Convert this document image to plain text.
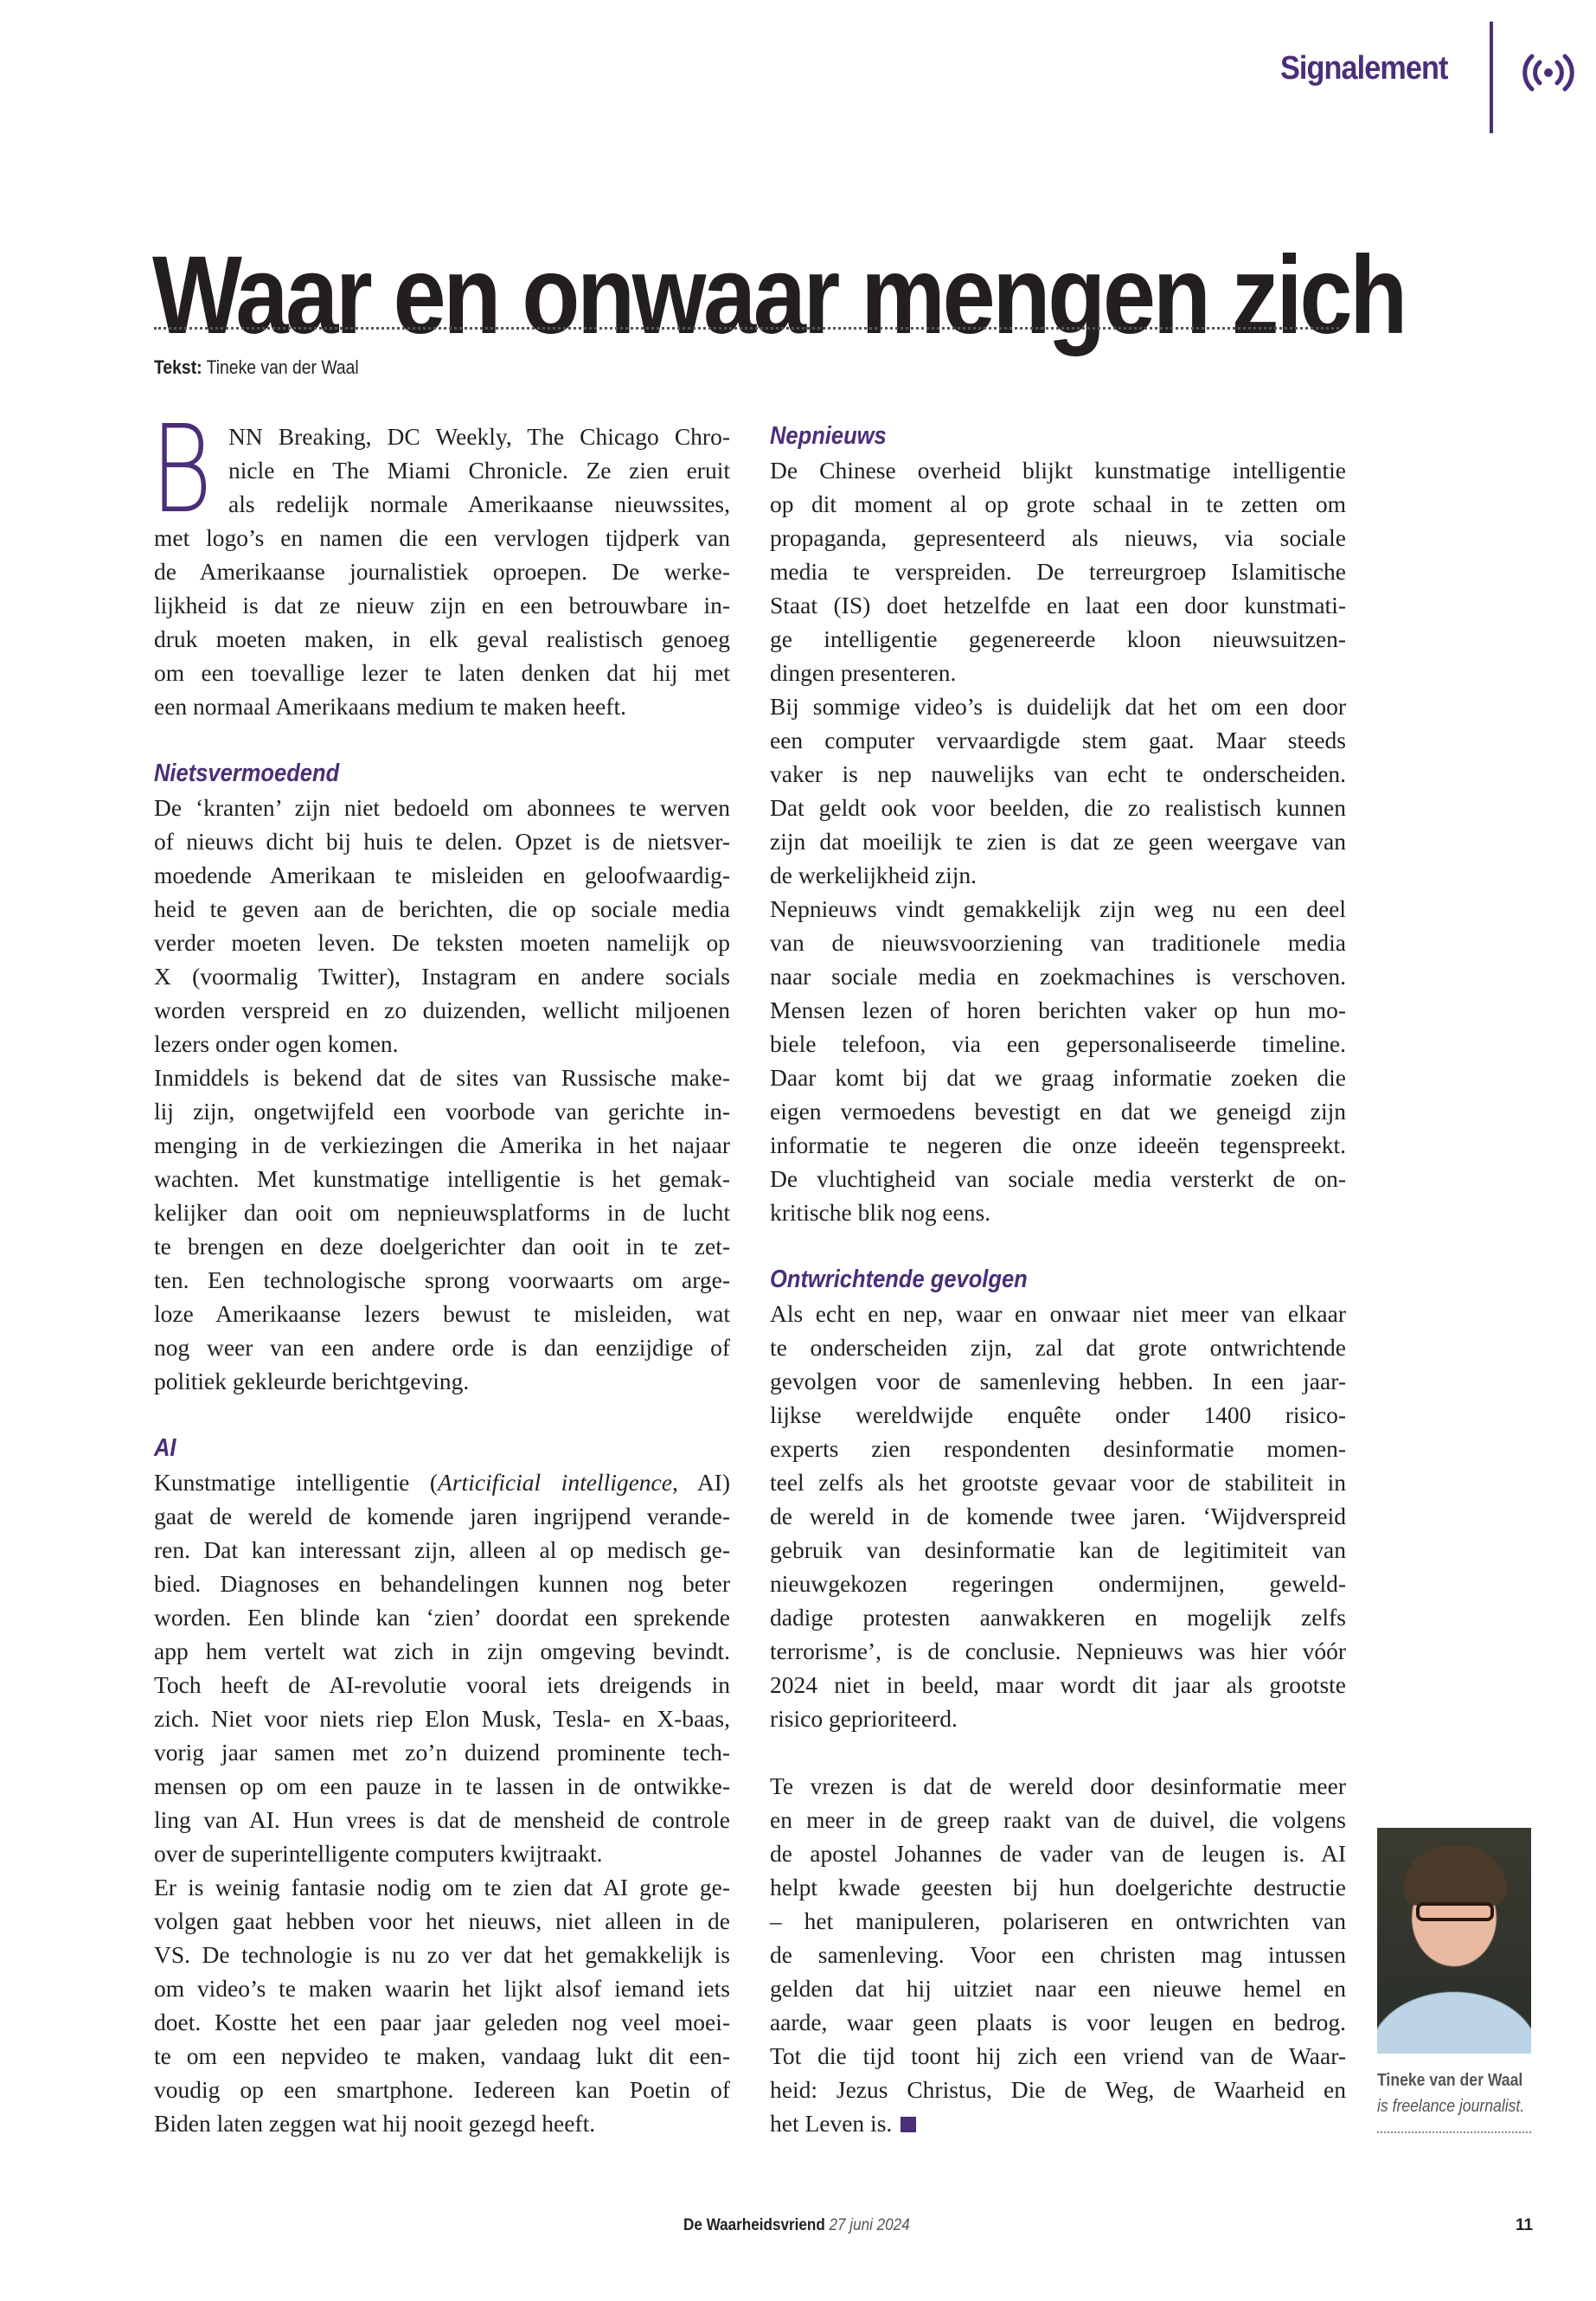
Signalement
Waar en onwaar mengen zich
Tekst: Tineke van der Waal
B NN Breaking, DC Weekly, The Chicago Chro-
nicle en The Miami Chronicle. Ze zien eruit
als redelijk normale Amerikaanse nieuwssites,
met logo’s en namen die een vervlogen tijdperk van
de Amerikaanse journalistiek oproepen. De werke-
lijkheid is dat ze nieuw zijn en een betrouwbare in-
druk moeten maken, in elk geval realistisch genoeg
om een toevallige lezer te laten denken dat hij met
een normaal Amerikaans medium te maken heeft.
Nietsvermoedend
De ‘kranten’ zijn niet bedoeld om abonnees te werven
of nieuws dicht bij huis te delen. Opzet is de nietsver-
moedende Amerikaan te misleiden en geloofwaardig-
heid te geven aan de berichten, die op sociale media
verder moeten leven. De teksten moeten namelijk op
X (voormalig Twitter), Instagram en andere socials
worden verspreid en zo duizenden, wellicht miljoenen
lezers onder ogen komen.
Inmiddels is bekend dat de sites van Russische make-
lij zijn, ongetwijfeld een voorbode van gerichte in-
menging in de verkiezingen die Amerika in het najaar
wachten. Met kunstmatige intelligentie is het gemak-
kelijker dan ooit om nepnieuwsplatforms in de lucht
te brengen en deze doelgerichter dan ooit in te zet-
ten. Een technologische sprong voorwaarts om arge-
loze Amerikaanse lezers bewust te misleiden, wat
nog weer van een andere orde is dan eenzijdige of
politiek gekleurde berichtgeving.
AI
Kunstmatige intelligentie (Articificial intelligence, AI)
gaat de wereld de komende jaren ingrijpend verande-
ren. Dat kan interessant zijn, alleen al op medisch ge-
bied. Diagnoses en behandelingen kunnen nog beter
worden. Een blinde kan ‘zien’ doordat een sprekende
app hem vertelt wat zich in zijn omgeving bevindt.
Toch heeft de AI-revolutie vooral iets dreigends in
zich. Niet voor niets riep Elon Musk, Tesla- en X-baas,
vorig jaar samen met zo’n duizend prominente tech-
mensen op om een pauze in te lassen in de ontwikke-
ling van AI. Hun vrees is dat de mensheid de controle
over de superintelligente computers kwijtraakt.
Er is weinig fantasie nodig om te zien dat AI grote ge-
volgen gaat hebben voor het nieuws, niet alleen in de
VS. De technologie is nu zo ver dat het gemakkelijk is
om video’s te maken waarin het lijkt alsof iemand iets
doet. Kostte het een paar jaar geleden nog veel moei-
te om een nepvideo te maken, vandaag lukt dit een-
voudig op een smartphone. Iedereen kan Poetin of
Biden laten zeggen wat hij nooit gezegd heeft.
Nepnieuws
De Chinese overheid blijkt kunstmatige intelligentie
op dit moment al op grote schaal in te zetten om
propaganda, gepresenteerd als nieuws, via sociale
media te verspreiden. De terreurgroep Islamitische
Staat (IS) doet hetzelfde en laat een door kunstmati-
ge intelligentie gegenereerde kloon nieuwsuitzen-
dingen presenteren.
Bij sommige video’s is duidelijk dat het om een door
een computer vervaardigde stem gaat. Maar steeds
vaker is nep nauwelijks van echt te onderscheiden.
Dat geldt ook voor beelden, die zo realistisch kunnen
zijn dat moeilijk te zien is dat ze geen weergave van
de werkelijkheid zijn.
Nepnieuws vindt gemakkelijk zijn weg nu een deel
van de nieuwsvoorziening van traditionele media
naar sociale media en zoekmachines is verschoven.
Mensen lezen of horen berichten vaker op hun mo-
biele telefoon, via een gepersonaliseerde timeline.
Daar komt bij dat we graag informatie zoeken die
eigen vermoedens bevestigt en dat we geneigd zijn
informatie te negeren die onze ideeën tegenspreekt.
De vluchtigheid van sociale media versterkt de on-
kritische blik nog eens.
Ontwrichtende gevolgen
Als echt en nep, waar en onwaar niet meer van elkaar
te onderscheiden zijn, zal dat grote ontwrichtende
gevolgen voor de samenleving hebben. In een jaar-
lijkse wereldwijde enquête onder 1400 risico-
experts zien respondenten desinformatie momen-
teel zelfs als het grootste gevaar voor de stabiliteit in
de wereld in de komende twee jaren. ‘Wijdverspreid
gebruik van desinformatie kan de legitimiteit van
nieuwgekozen regeringen ondermijnen, geweld-
dadige protesten aanwakkeren en mogelijk zelfs
terrorisme’, is de conclusie. Nepnieuws was hier vóór
2024 niet in beeld, maar wordt dit jaar als grootste
risico geprioriteerd.
Te vrezen is dat de wereld door desinformatie meer
en meer in de greep raakt van de duivel, die volgens
de apostel Johannes de vader van de leugen is. AI
helpt kwade geesten bij hun doelgerichte destructie
– het manipuleren, polariseren en ontwrichten van
de samenleving. Voor een christen mag intussen
gelden dat hij uitziet naar een nieuwe hemel en
aarde, waar geen plaats is voor leugen en bedrog.
Tot die tijd toont hij zich een vriend van de Waar-
heid: Jezus Christus, Die de Weg, de Waarheid en
het Leven is.
Tineke van der Waal
is freelance journalist.
De Waarheidsvriend 27 juni 2024	11
